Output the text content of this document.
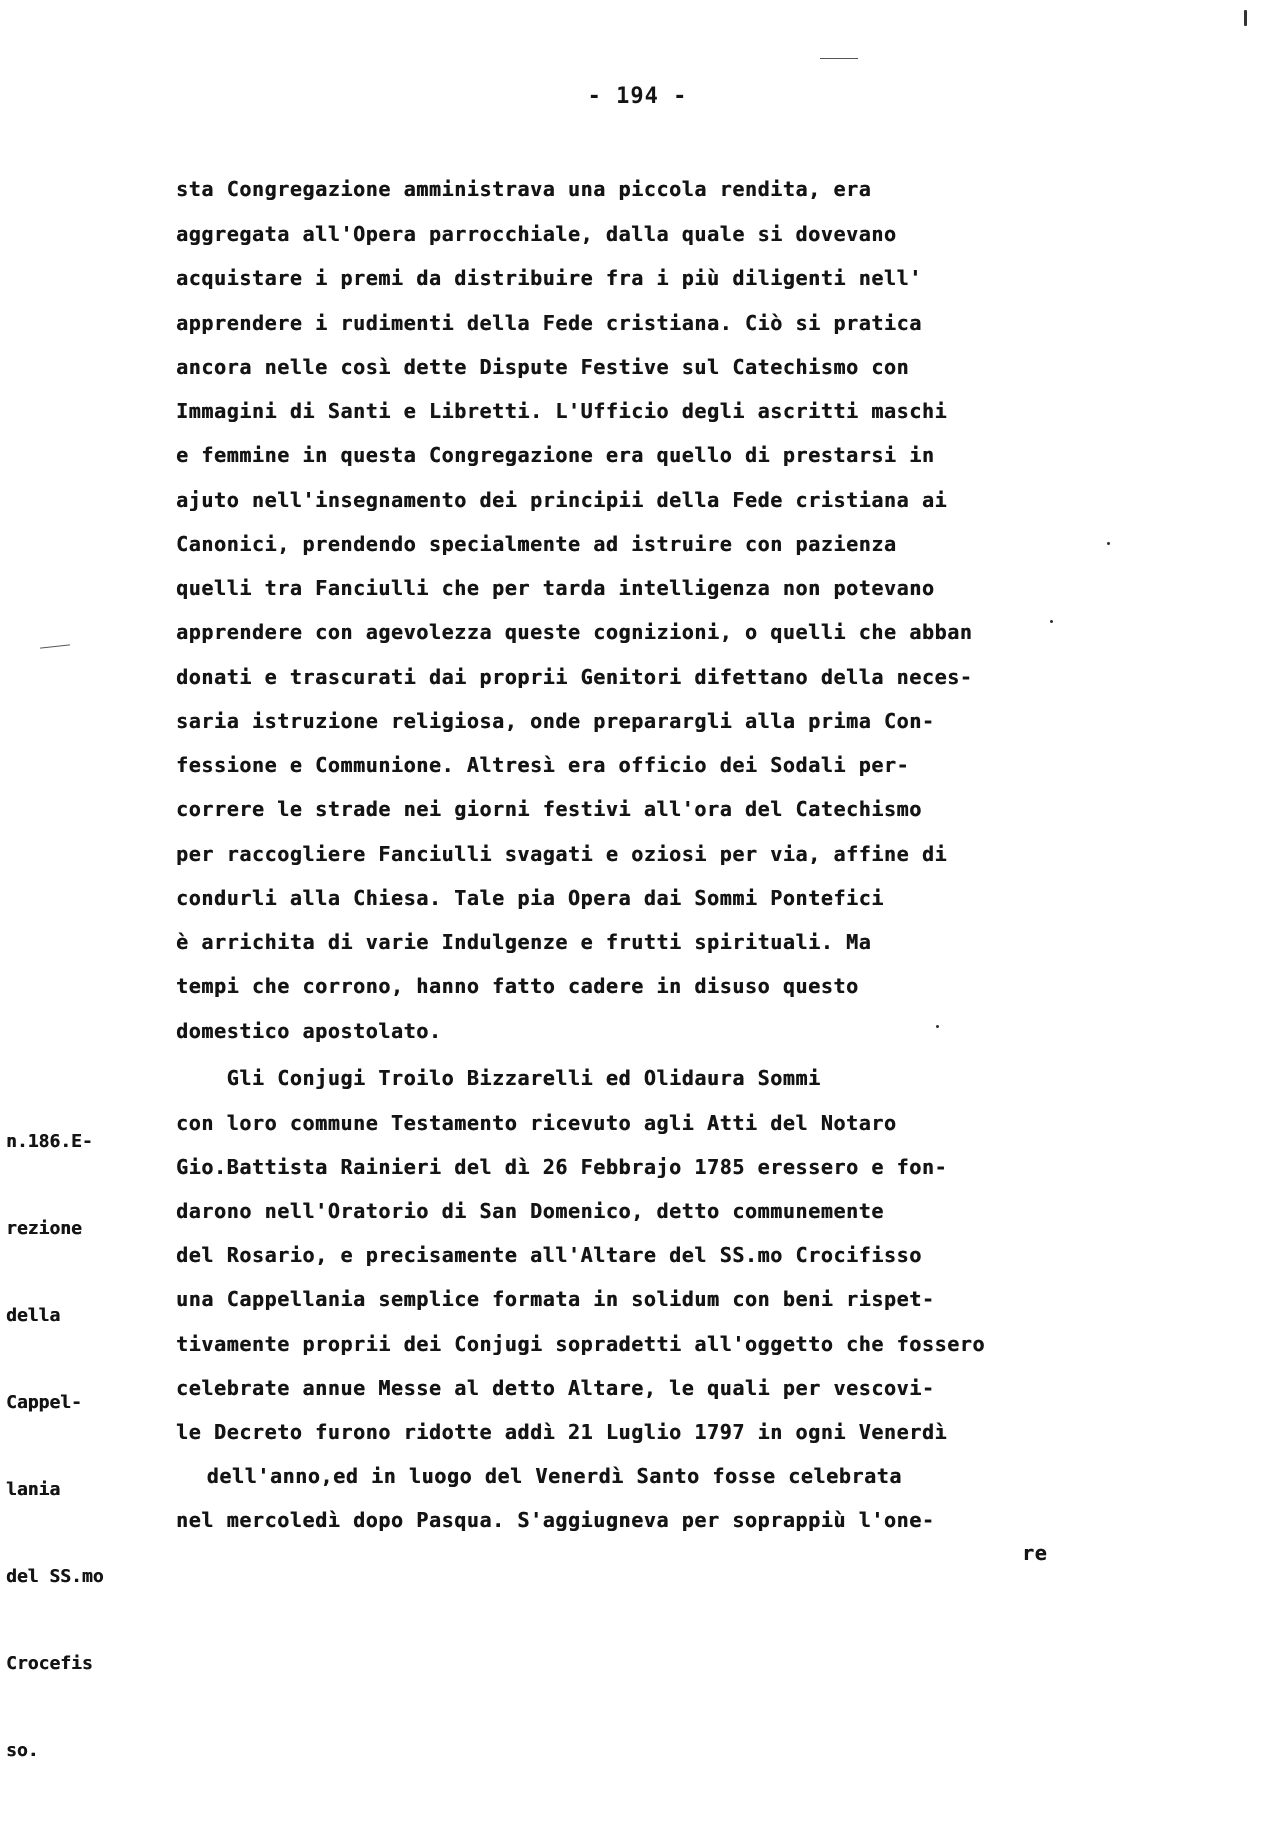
- 194 -
sta Congregazione amministrava una piccola rendita, era
aggregata all'Opera parrocchiale, dalla quale si dovevano
acquistare i premi da distribuire fra i più diligenti nell'
apprendere i rudimenti della Fede cristiana. Ciò si pratica
ancora nelle così dette Dispute Festive sul Catechismo con
Immagini di Santi e Libretti. L'Ufficio degli ascritti maschi
e femmine in questa Congregazione era quello di prestarsi in
ajuto nell'insegnamento dei principii della Fede cristiana ai
Canonici, prendendo specialmente ad istruire con pazienza
quelli tra Fanciulli che per tarda intelligenza non potevano
apprendere con agevolezza queste cognizioni, o quelli che abban
donati e trascurati dai proprii Genitori difettano della neces-
saria istruzione religiosa, onde preparargli alla prima Con-
fessione e Communione. Altresì era officio dei Sodali per-
correre le strade nei giorni festivi all'ora del Catechismo
per raccogliere Fanciulli svagati e oziosi per via, affine di
condurli alla Chiesa. Tale pia Opera dai Sommi Pontefici
è arrichita di varie Indulgenze e frutti spirituali. Ma
tempi che corrono, hanno fatto cadere in disuso questo
domestico apostolato.
Gli Conjugi Troilo Bizzarelli ed Olidaura Sommi
con loro commune Testamento ricevuto agli Atti del Notaro
Gio.Battista Rainieri del dì 26 Febbrajo 1785 eressero e fon-
darono nell'Oratorio di San Domenico, detto communemente
del Rosario, e precisamente all'Altare del SS.mo Crocifisso
una Cappellania semplice formata in solidum con beni rispet-
tivamente proprii dei Conjugi sopradetti all'oggetto che fossero
celebrate annue Messe al detto Altare, le quali per vescovi-
le Decreto furono ridotte addì 21 Luglio 1797 in ogni Venerdì
dell'anno,ed in luogo del Venerdì Santo fosse celebrata
nel mercoledì dopo Pasqua. S'aggiugneva per soprappiù l'one-
re

n.186.E-

rezione

della

Cappel-

lania

del SS.mo

Crocefis

so.
